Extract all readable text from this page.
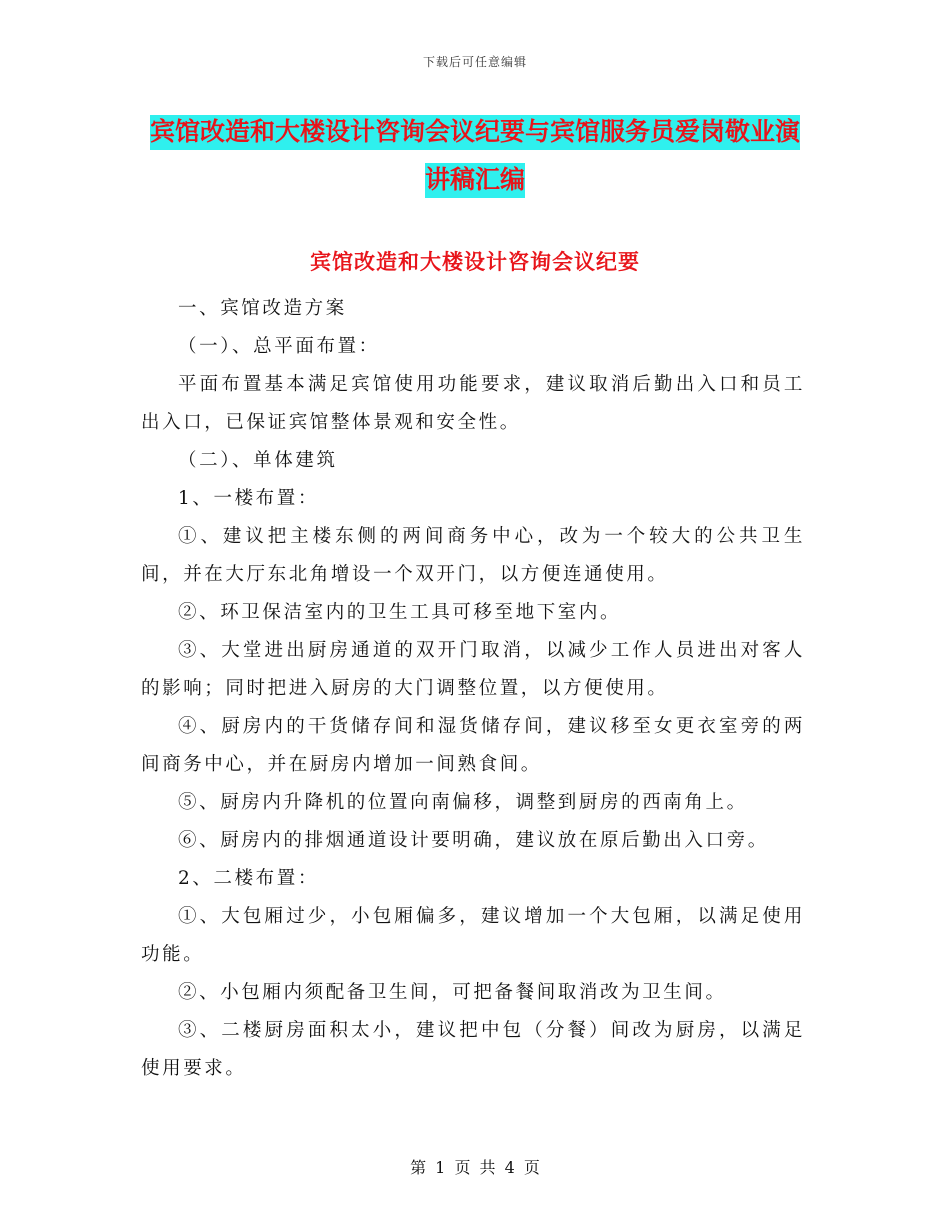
下载后可任意编辑
宾馆改造和大楼设计咨询会议纪要与宾馆服务员爱岗敬业演讲稿汇编
宾馆改造和大楼设计咨询会议纪要

一、宾馆改造方案

（一）、总平面布置：

平面布置基本满足宾馆使用功能要求，建议取消后勤出入口和员工出入口，已保证宾馆整体景观和安全性。

（二）、单体建筑

1、一楼布置：

①、建议把主楼东侧的两间商务中心，改为一个较大的公共卫生间，并在大厅东北角增设一个双开门，以方便连通使用。

②、环卫保洁室内的卫生工具可移至地下室内。

③、大堂进出厨房通道的双开门取消，以减少工作人员进出对客人的影响；同时把进入厨房的大门调整位置，以方便使用。

④、厨房内的干货储存间和湿货储存间，建议移至女更衣室旁的两间商务中心，并在厨房内增加一间熟食间。

⑤、厨房内升降机的位置向南偏移，调整到厨房的西南角上。

⑥、厨房内的排烟通道设计要明确，建议放在原后勤出入口旁。

2、二楼布置：

①、大包厢过少，小包厢偏多，建议增加一个大包厢，以满足使用功能。

②、小包厢内须配备卫生间，可把备餐间取消改为卫生间。

③、二楼厨房面积太小，建议把中包（分餐）间改为厨房，以满足使用要求。

第 1 页 共 4 页
